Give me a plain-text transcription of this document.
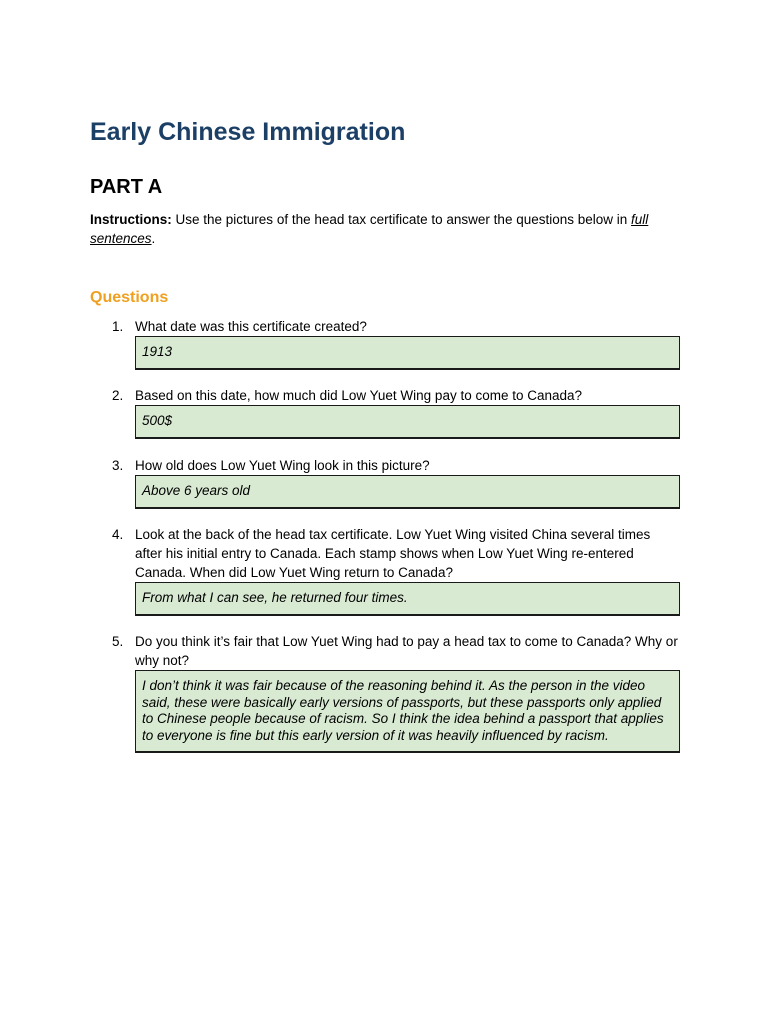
Early Chinese Immigration
PART A

Instructions: Use the pictures of the head tax certificate to answer the questions below in full sentences.

Questions
1. What date was this certificate created?
1913
2. Based on this date, how much did Low Yuet Wing pay to come to Canada?
500$
3. How old does Low Yuet Wing look in this picture?
Above 6 years old
4. Look at the back of the head tax certificate. Low Yuet Wing visited China several times after his initial entry to Canada. Each stamp shows when Low Yuet Wing re-entered Canada. When did Low Yuet Wing return to Canada?
From what I can see, he returned four times.
5. Do you think it’s fair that Low Yuet Wing had to pay a head tax to come to Canada? Why or why not?
I don’t think it was fair because of the reasoning behind it. As the person in the video said, these were basically early versions of passports, but these passports only applied to Chinese people because of racism. So I think the idea behind a passport that applies to everyone is fine but this early version of it was heavily influenced by racism.
